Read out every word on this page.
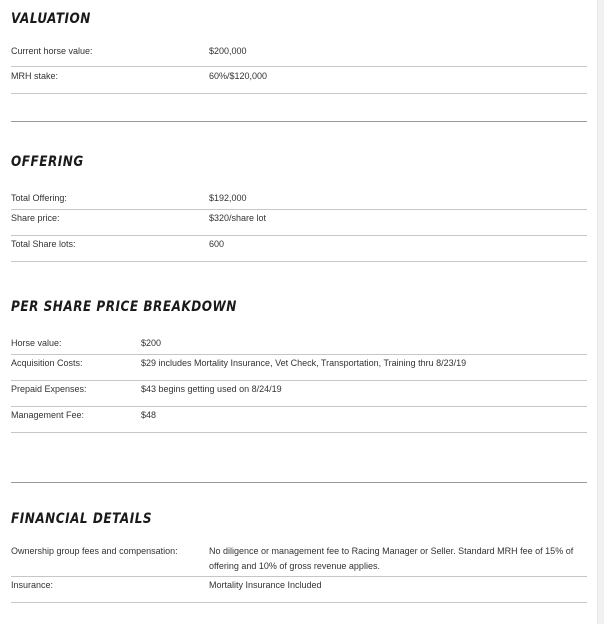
VALUATION
Current horse value:	$200,000
MRH stake:	60%/$120,000
OFFERING
Total Offering:	$192,000
Share price:	$320/share lot
Total Share lots:	600
PER SHARE PRICE BREAKDOWN
Horse value:	$200
Acquisition Costs:	$29 includes Mortality Insurance, Vet Check, Transportation, Training thru 8/23/19
Prepaid Expenses:	$43 begins getting used on 8/24/19
Management Fee:	$48
FINANCIAL DETAILS
Ownership group fees and compensation:	No diligence or management fee to Racing Manager or Seller. Standard MRH fee of 15% of offering and 10% of gross revenue applies.
Insurance:	Mortality Insurance Included
